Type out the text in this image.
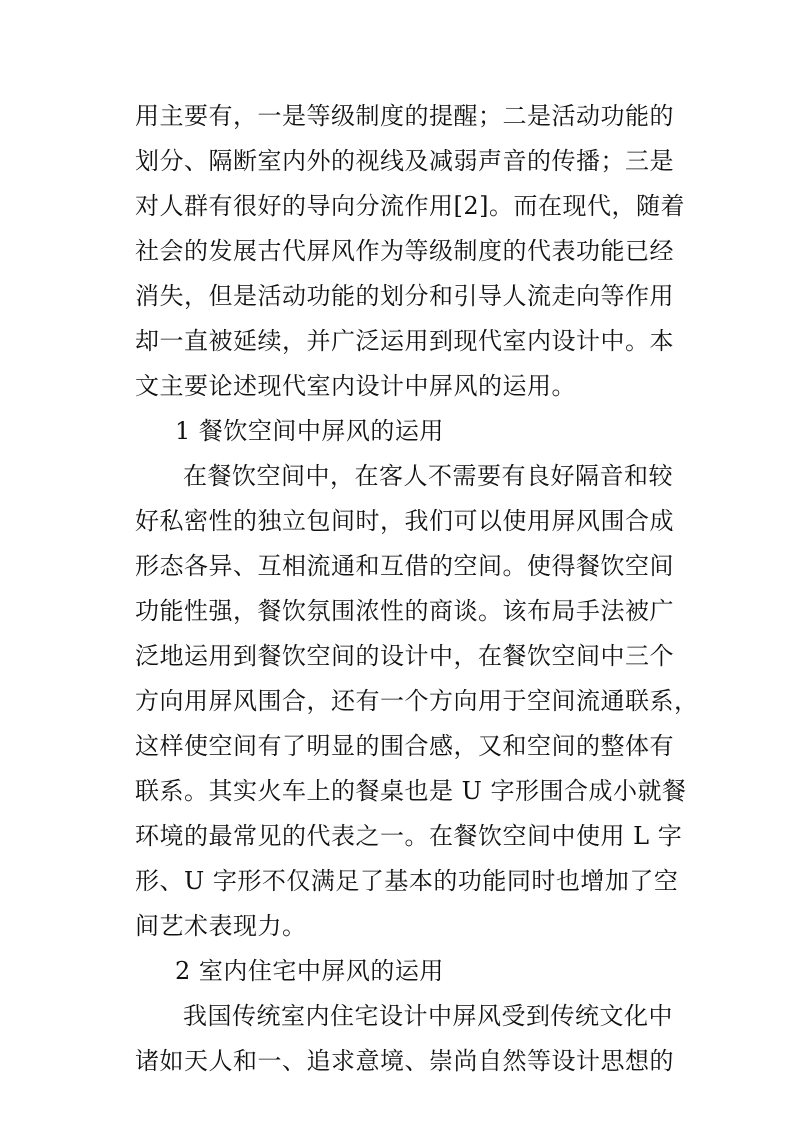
用主要有，一是等级制度的提醒；二是活动功能的
划分、隔断室内外的视线及减弱声音的传播；三是
对人群有很好的导向分流作用[2]。而在现代，随着
社会的发展古代屏风作为等级制度的代表功能已经
消失，但是活动功能的划分和引导人流走向等作用
却一直被延续，并广泛运用到现代室内设计中。本
文主要论述现代室内设计中屏风的运用。
1 餐饮空间中屏风的运用
在餐饮空间中，在客人不需要有良好隔音和较
好私密性的独立包间时，我们可以使用屏风围合成
形态各异、互相流通和互借的空间。使得餐饮空间
功能性强，餐饮氛围浓性的商谈。该布局手法被广
泛地运用到餐饮空间的设计中，在餐饮空间中三个
方向用屏风围合，还有一个方向用于空间流通联系，
这样使空间有了明显的围合感，又和空间的整体有
联系。其实火车上的餐桌也是 U 字形围合成小就餐
环境的最常见的代表之一。在餐饮空间中使用 L 字
形、U 字形不仅满足了基本的功能同时也增加了空
间艺术表现力。
2 室内住宅中屏风的运用
我国传统室内住宅设计中屏风受到传统文化中
诸如天人和一、追求意境、崇尚自然等设计思想的
